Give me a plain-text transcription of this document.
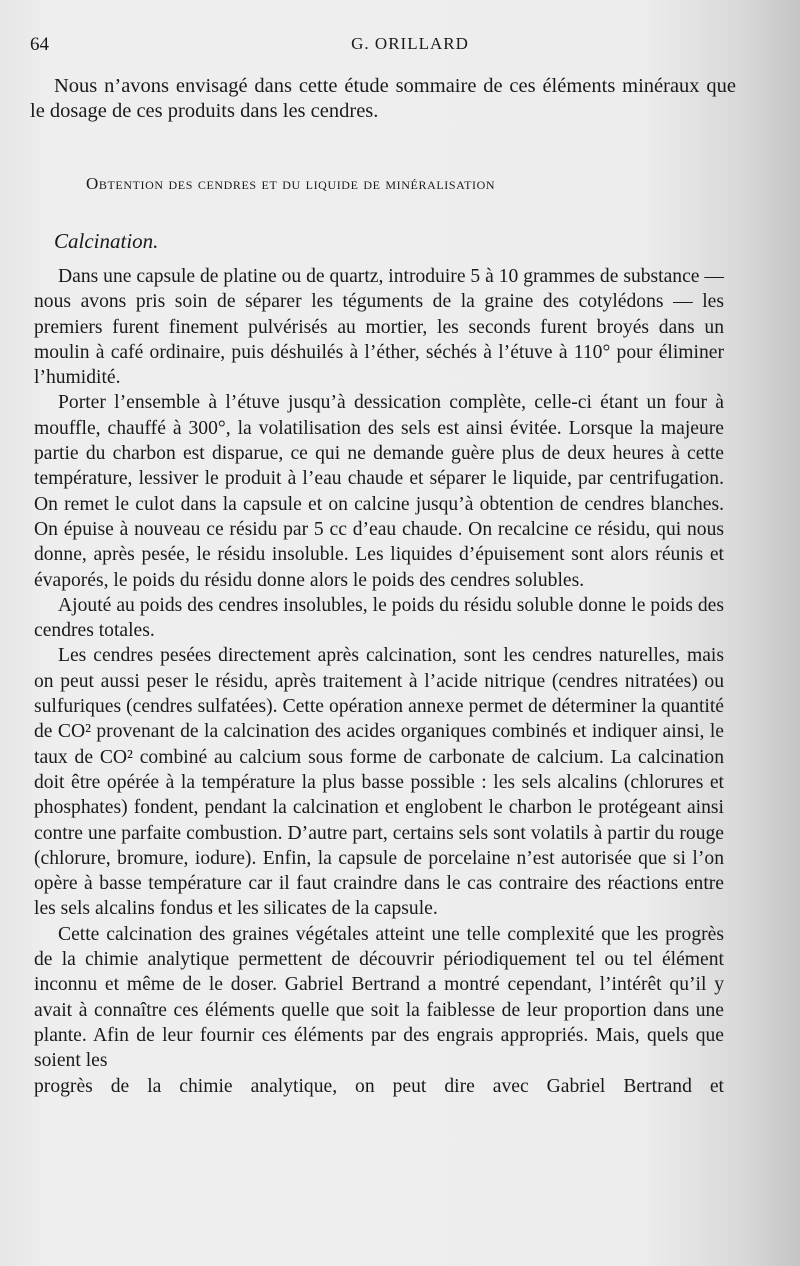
64	G. ORILLARD

Nous n’avons envisagé dans cette étude sommaire de ces éléments minéraux que le dosage de ces produits dans les cendres.

Obtention des cendres et du liquide de minéralisation
Calcination.

Dans une capsule de platine ou de quartz, introduire 5 à 10 grammes de substance — nous avons pris soin de séparer les téguments de la graine des cotylédons — les premiers furent finement pulvérisés au mortier, les seconds furent broyés dans un moulin à café ordinaire, puis déshuilés à l’éther, séchés à l’étuve à 110° pour éliminer l’humidité.

Porter l’ensemble à l’étuve jusqu’à dessication complète, celle-ci étant un four à mouffle, chauffé à 300°, la volatilisation des sels est ainsi évitée. Lorsque la majeure partie du charbon est disparue, ce qui ne demande guère plus de deux heures à cette température, lessiver le produit à l’eau chaude et séparer le liquide, par centrifugation. On remet le culot dans la capsule et on calcine jusqu’à obtention de cendres blanches. On épuise à nouveau ce résidu par 5 cc d’eau chaude. On recalcine ce résidu, qui nous donne, après pesée, le résidu insoluble. Les liquides d’épuisement sont alors réunis et évaporés, le poids du résidu donne alors le poids des cendres solubles.

Ajouté au poids des cendres insolubles, le poids du résidu soluble donne le poids des cendres totales.

Les cendres pesées directement après calcination, sont les cendres naturelles, mais on peut aussi peser le résidu, après traitement à l’acide nitrique (cendres nitratées) ou sulfuriques (cendres sulfatées). Cette opération annexe permet de déterminer la quantité de CO² provenant de la calcination des acides organiques combinés et indiquer ainsi, le taux de CO² combiné au calcium sous forme de carbonate de calcium. La calcination doit être opérée à la température la plus basse possible : les sels alcalins (chlorures et phosphates) fondent, pendant la calcination et englobent le charbon le protégeant ainsi contre une parfaite combustion. D’autre part, certains sels sont volatils à partir du rouge (chlorure, bromure, iodure). Enfin, la capsule de porcelaine n’est autorisée que si l’on opère à basse température car il faut craindre dans le cas contraire des réactions entre les sels alcalins fondus et les silicates de la capsule.

Cette calcination des graines végétales atteint une telle complexité que les progrès de la chimie analytique permettent de découvrir périodiquement tel ou tel élément inconnu et même de le doser. Gabriel Bertrand a montré cependant, l’intérêt qu’il y avait à connaître ces éléments quelle que soit la faiblesse de leur proportion dans une plante. Afin de leur fournir ces éléments par des engrais appropriés. Mais, quels que soient les

progrès de la chimie analytique, on peut dire avec Gabriel Bertrand et
